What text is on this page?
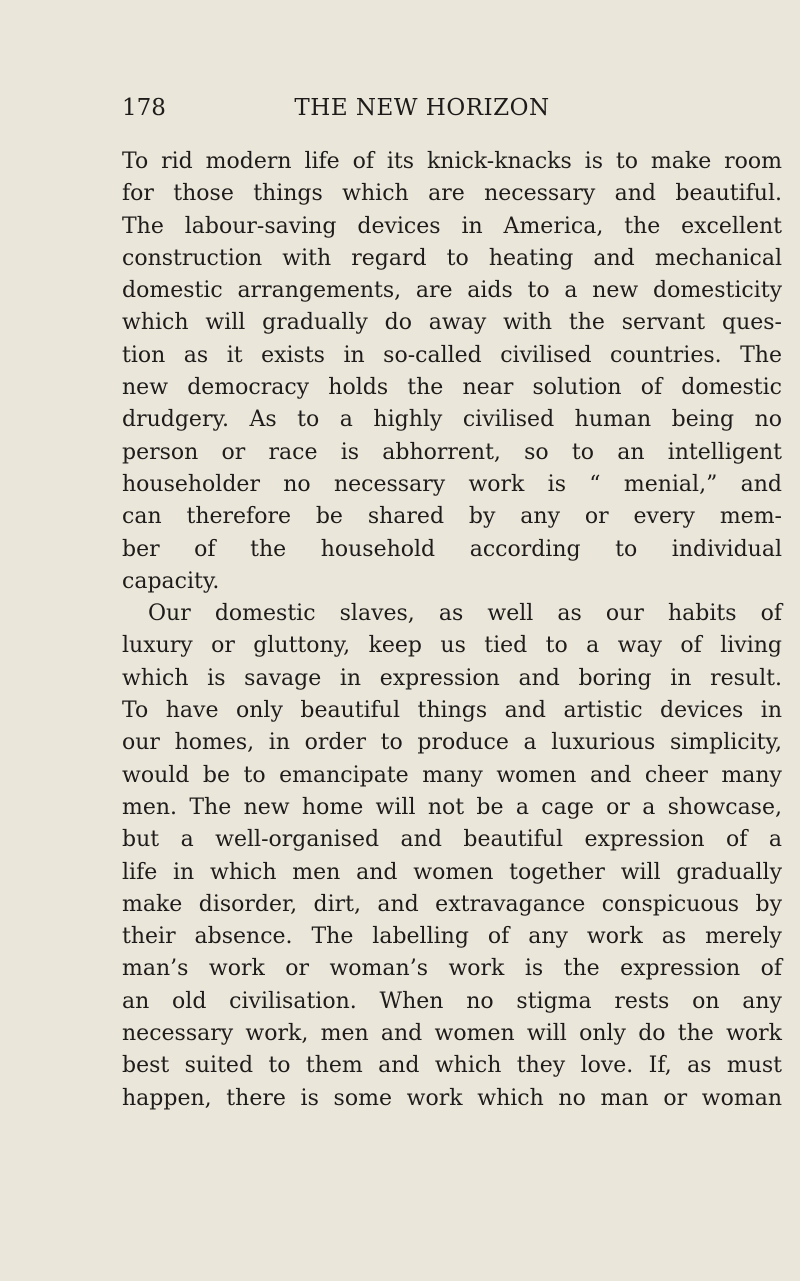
178	THE NEW HORIZON
To rid modern life of its knick-knacks is to make room
for those things which are necessary and beautiful.
The labour-saving devices in America, the excellent
construction with regard to heating and mechanical
domestic arrangements, are aids to a new domesticity
which will gradually do away with the servant ques-
tion as it exists in so-called civilised countries. The
new democracy holds the near solution of domestic
drudgery. As to a highly civilised human being no
person or race is abhorrent, so to an intelligent
householder no necessary work is “ menial,” and
can therefore be shared by any or every mem-
ber of the household according to individual
capacity.
Our domestic slaves, as well as our habits of
luxury or gluttony, keep us tied to a way of living
which is savage in expression and boring in result.
To have only beautiful things and artistic devices in
our homes, in order to produce a luxurious simplicity,
would be to emancipate many women and cheer many
men. The new home will not be a cage or a showcase,
but a well-organised and beautiful expression of a
life in which men and women together will gradually
make disorder, dirt, and extravagance conspicuous by
their absence. The labelling of any work as merely
man’s work or woman’s work is the expression of
an old civilisation. When no stigma rests on any
necessary work, men and women will only do the work
best suited to them and which they love. If, as must
happen, there is some work which no man or woman
